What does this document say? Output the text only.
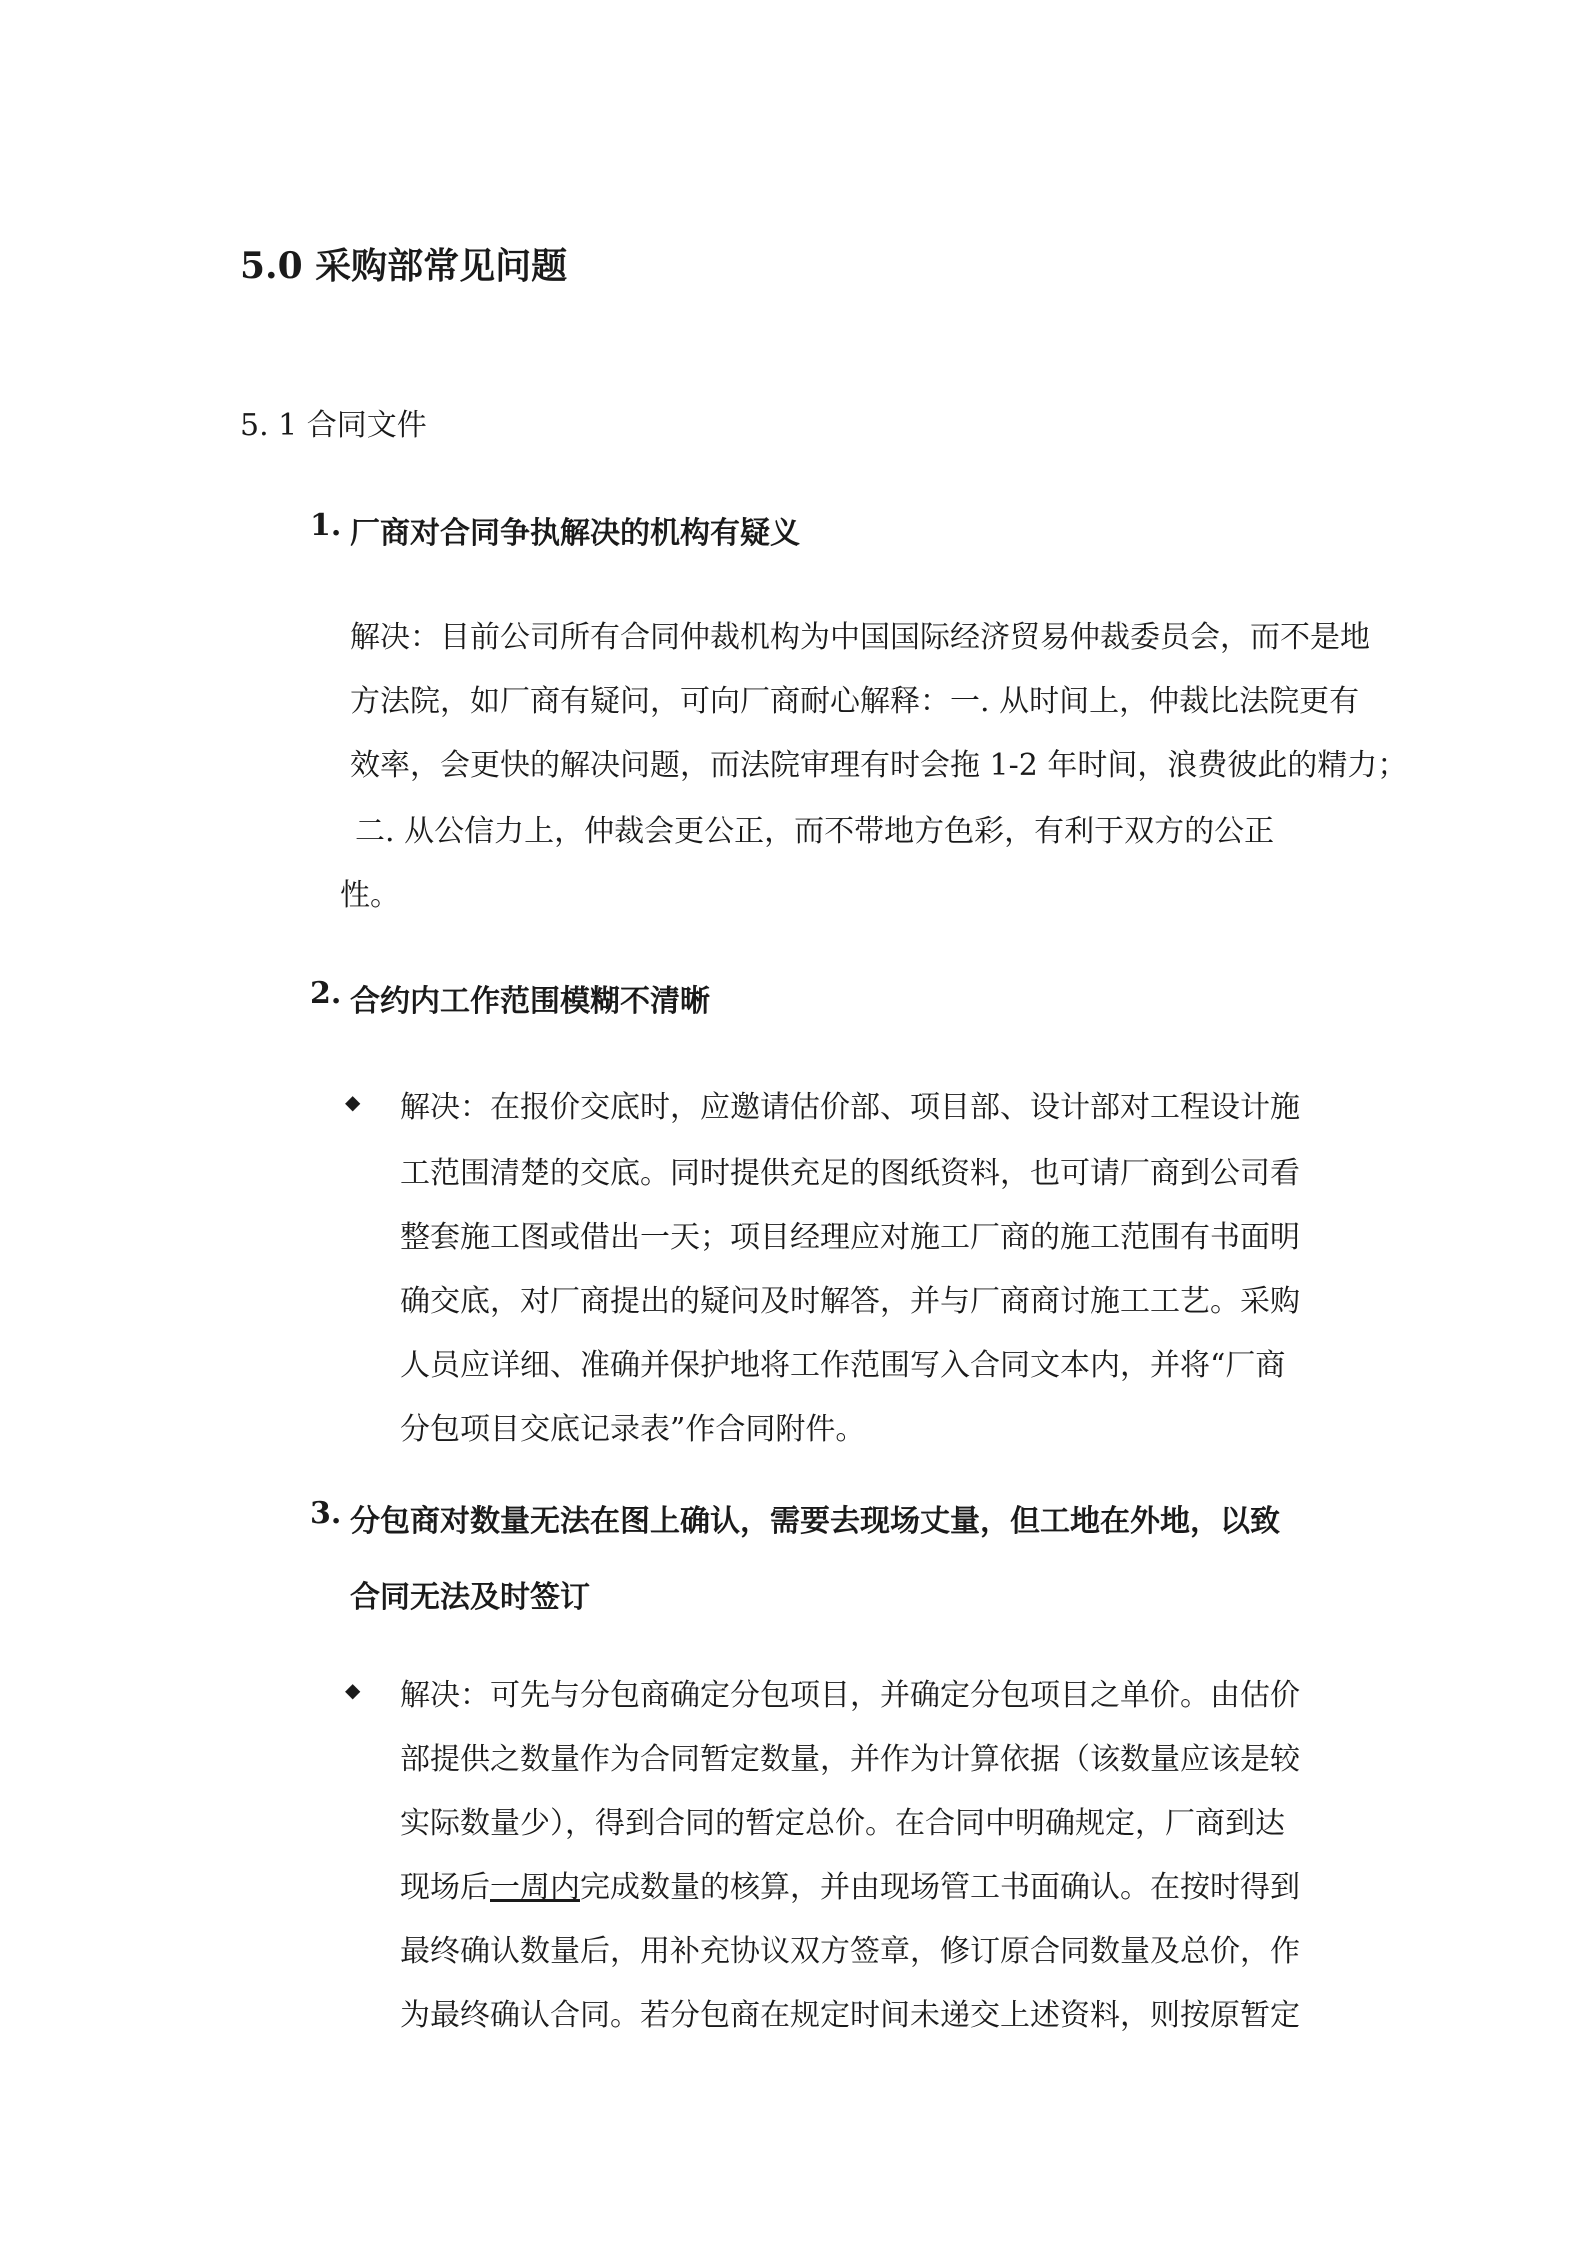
5.0 采购部常见问题
5. 1 合同文件
1. 厂商对合同争执解决的机构有疑义
解决：目前公司所有合同仲裁机构为中国国际经济贸易仲裁委员会，而不是地
方法院，如厂商有疑问，可向厂商耐心解释：一. 从时间上，仲裁比法院更有
效率，会更快的解决问题，而法院审理有时会拖 1-2 年时间，浪费彼此的精力；
二. 从公信力上，仲裁会更公正，而不带地方色彩，有利于双方的公正
性。
2. 合约内工作范围模糊不清晰
◆ 解决：在报价交底时，应邀请估价部、项目部、设计部对工程设计施
工范围清楚的交底。同时提供充足的图纸资料，也可请厂商到公司看
整套施工图或借出一天；项目经理应对施工厂商的施工范围有书面明
确交底，对厂商提出的疑问及时解答，并与厂商商讨施工工艺。采购
人员应详细、准确并保护地将工作范围写入合同文本内，并将“厂商
分包项目交底记录表”作合同附件。
3. 分包商对数量无法在图上确认，需要去现场丈量，但工地在外地，以致
合同无法及时签订
◆ 解决：可先与分包商确定分包项目，并确定分包项目之单价。由估价
部提供之数量作为合同暂定数量，并作为计算依据（该数量应该是较
实际数量少），得到合同的暂定总价。在合同中明确规定，厂商到达
现场后一周内完成数量的核算，并由现场管工书面确认。在按时得到
最终确认数量后，用补充协议双方签章，修订原合同数量及总价，作
为最终确认合同。若分包商在规定时间未递交上述资料，则按原暂定
